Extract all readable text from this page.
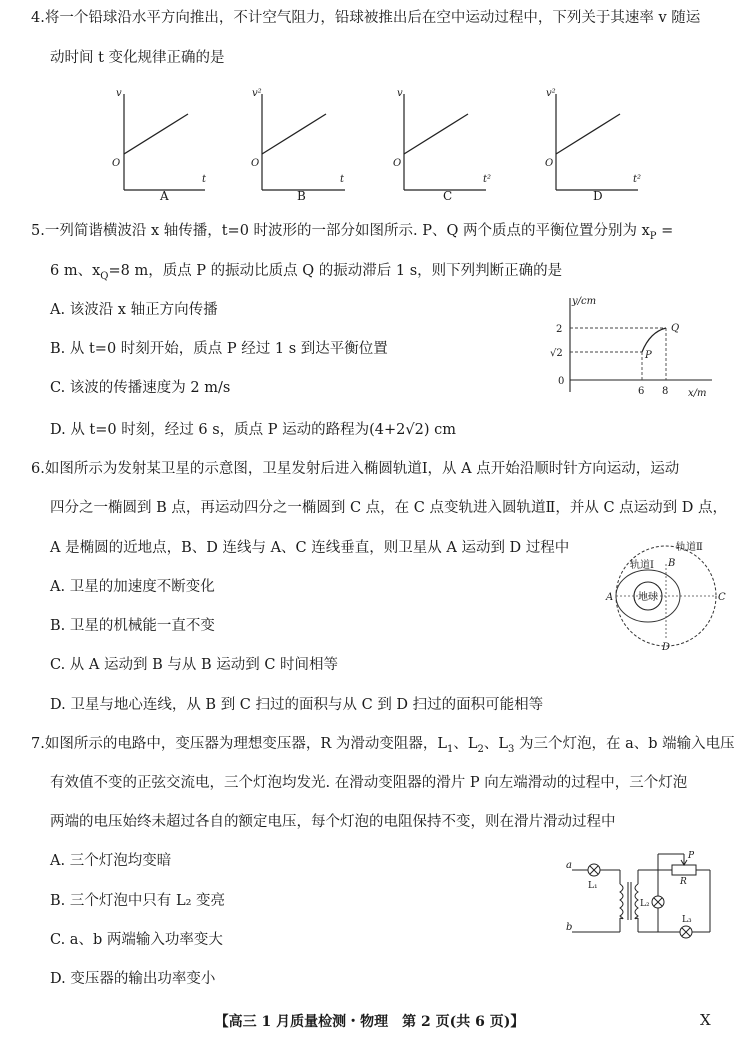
4.将一个铅球沿水平方向推出，不计空气阻力，铅球被推出后在空中运动过程中，下列关于其速率 v 随运
动时间 t 变化规律正确的是
v
O
t
A
v²
O
t
B
v
O
t²
C
v²
O
t²
D
5.一列简谐横波沿 x 轴传播，t=0 时波形的一部分如图所示. P、Q 两个质点的平衡位置分别为 $x_P$ =
6 m、$x_Q=8$ m，质点 P 的振动比质点 Q 的振动滞后 1 s，则下列判断正确的是
A. 该波沿 x 轴正方向传播
B. 从 t=0 时刻开始，质点 P 经过 1 s 到达平衡位置
C. 该波的传播速度为 2 m/s
D. 从 t=0 时刻，经过 6 s，质点 P 运动的路程为(4+2√2) cm
y/cm
x/m
2
√2
0
6 8
P
Q
6.如图所示为发射某卫星的示意图，卫星发射后进入椭圆轨道Ⅰ，从 A 点开始沿顺时针方向运动，运动
四分之一椭圆到 B 点，再运动四分之一椭圆到 C 点，在 C 点变轨进入圆轨道Ⅱ，并从 C 点运动到 D 点，
A 是椭圆的近地点，B、D 连线与 A、C 连线垂直，则卫星从 A 运动到 D 过程中
A. 卫星的加速度不断变化
B. 卫星的机械能一直不变
C. 从 A 运动到 B 与从 B 运动到 C 时间相等
D. 卫星与地心连线，从 B 到 C 扫过的面积与从 C 到 D 扫过的面积可能相等
轨道Ⅱ
轨道Ⅰ
地球
A
B
C
D
7.如图所示的电路中，变压器为理想变压器，R 为滑动变阻器，$L_1$、$L_2$、$L_3$ 为三个灯泡，在 a、b 端输入电压
有效值不变的正弦交流电，三个灯泡均发光. 在滑动变阻器的滑片 P 向左端滑动的过程中，三个灯泡
两端的电压始终未超过各自的额定电压，每个灯泡的电阻保持不变，则在滑片滑动过程中
A. 三个灯泡均变暗
B. 三个灯泡中只有 L₂ 变亮
C. a、b 两端输入功率变大
D. 变压器的输出功率变小
a
b
L₁
L₂
L₃
R
P
【高三 1 月质量检测・物理　第 2 页(共 6 页)】	X
